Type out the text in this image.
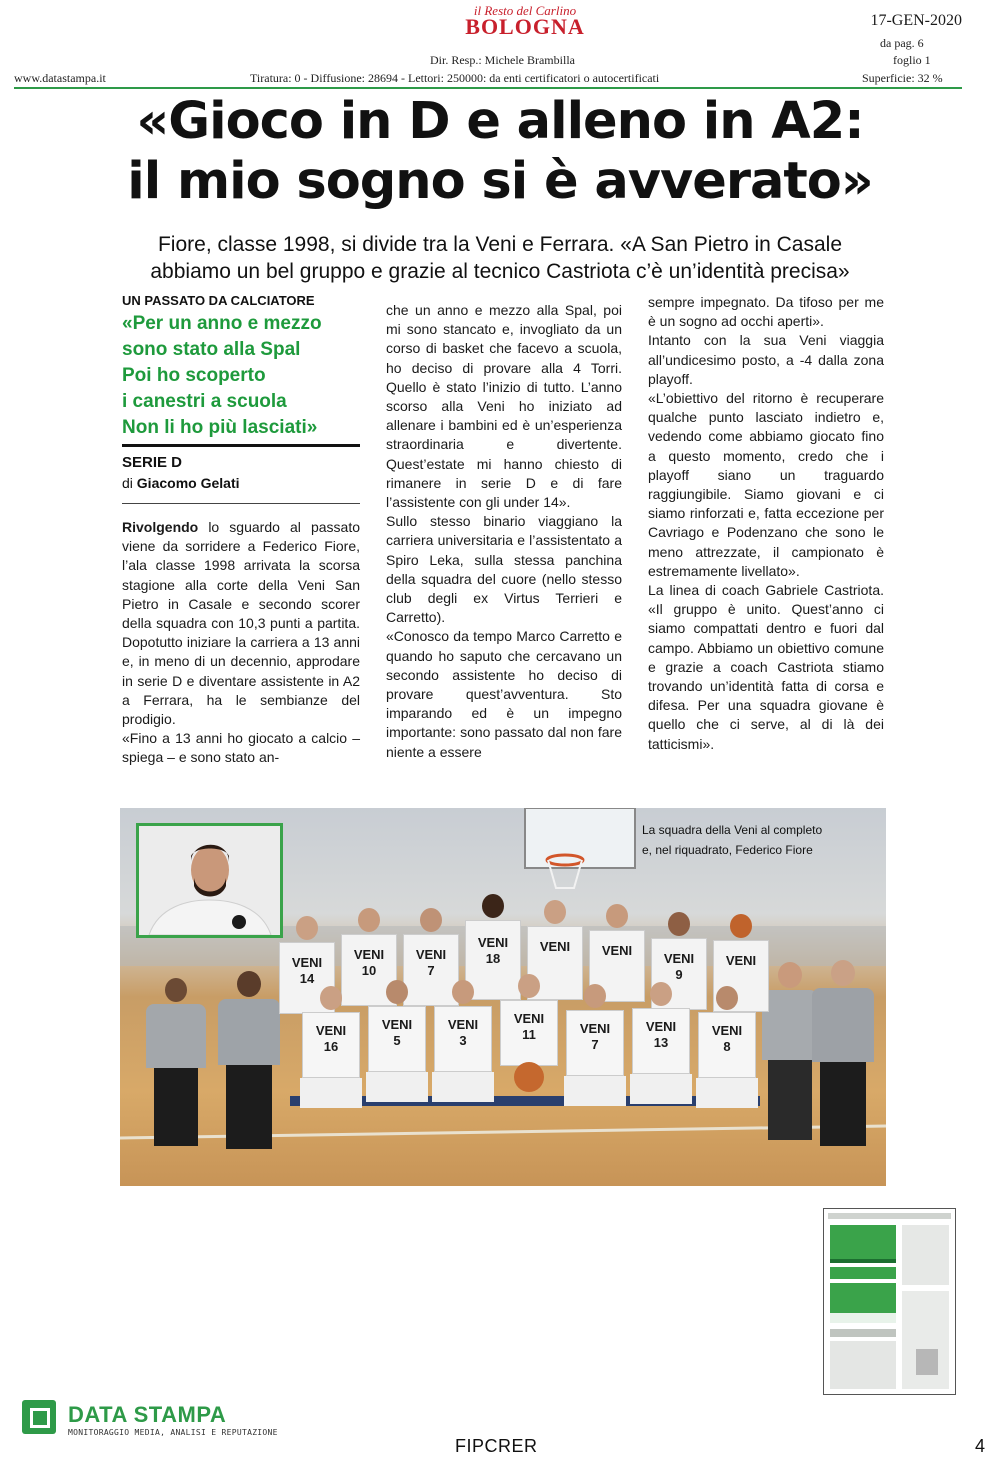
il Resto del Carlino
BOLOGNA	17-GEN-2020
da pag. 6
foglio 1
Dir. Resp.: Michele Brambilla
www.datastampa.it	Tiratura: 0 - Diffusione: 28694 - Lettori: 250000: da enti certificatori o autocertificati	Superficie: 32 %
«Gioco in D e alleno in A2:
il mio sogno si è avverato»
Fiore, classe 1998, si divide tra la Veni e Ferrara. «A San Pietro in Casale
abbiamo un bel gruppo e grazie al tecnico Castriota c’è un’identità precisa»
UN PASSATO DA CALCIATORE
«Per un anno e mezzo
sono stato alla Spal
Poi ho scoperto
i canestri a scuola
Non li ho più lasciati»
SERIE D
di Giacomo Gelati

Rivolgendo lo sguardo al passato viene da sorridere a Federico Fiore, l’ala classe 1998 arrivata la scorsa stagione alla corte della Veni San Pietro in Casale e secondo scorer della squadra con 10,3 punti a partita. Dopotutto iniziare la carriera a 13 anni e, in meno di un decennio, approdare in serie D e diventare assistente in A2 a Ferrara, ha le sembianze del prodigio.

«Fino a 13 anni ho giocato a calcio – spiega – e sono stato an-

che un anno e mezzo alla Spal, poi mi sono stancato e, invogliato da un corso di basket che facevo a scuola, ho deciso di provare alla 4 Torri. Quello è stato l’inizio di tutto. L’anno scorso alla Veni ho iniziato ad allenare i bambini ed è un’esperienza straordinaria e divertente. Quest’estate mi hanno chiesto di rimanere in serie D e di fare l’assistente con gli under 14».

Sullo stesso binario viaggiano la carriera universitaria e l’assistentato a Spiro Leka, sulla stessa panchina della squadra del cuore (nello stesso club degli ex Virtus Terrieri e Carretto).

«Conosco da tempo Marco Carretto e quando ho saputo che cercavano un secondo assistente ho deciso di provare quest’avventura. Sto imparando ed è un impegno importante: sono passato dal non fare niente a essere

sempre impegnato. Da tifoso per me è un sogno ad occhi aperti».

Intanto con la sua Veni viaggia all’undicesimo posto, a -4 dalla zona playoff.

«L’obiettivo del ritorno è recuperare qualche punto lasciato indietro e, vedendo come abbiamo giocato fino a questo momento, credo che i playoff siano un traguardo raggiungibile. Siamo giovani e ci siamo rinforzati e, fatta eccezione per Cavriago e Podenzano che sono le meno attrezzate, il campionato è estremamente livellato».

La linea di coach Gabriele Castriota. «Il gruppo è unito. Quest’anno ci siamo compattati dentro e fuori dal campo. Abbiamo un obiettivo comune e grazie a coach Castriota stiamo trovando un’identità fatta di corsa e difesa. Per una squadra giovane è quello che ci serve, al di là dei tatticismi».

VENI
14
VENI
10
VENI
7
VENI
18
VENI	VENI
VENI
9
VENI
VENI
16
VENI
5
VENI
3
VENI
11	VENI
7
VENI
13
VENI
8
La squadra della Veni al completo
e, nel riquadrato, Federico Fiore
DATA STAMPA
MONITORAGGIO MEDIA, ANALISI E REPUTAZIONE
FIPCRER	4
